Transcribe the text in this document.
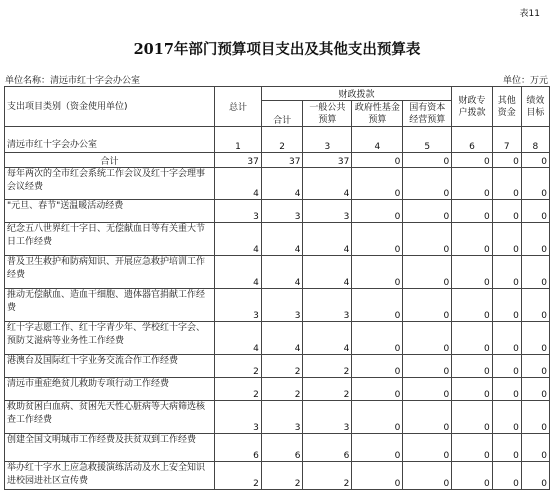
表11
2017年部门预算项目支出及其他支出预算表
单位名称：清远市红十字会办公室	单位：万元
支出项目类别（资金使用单位)	总计	财政拨款				财政专户拨款	其他资金	绩效目标
		合计	一般公共预算	政府性基金预算	国有资本经营预算			

清远市红十字会办公室	1	2	3	4	5	6	7	8
合计	37	37	37	0	0	0	0	0
每年两次的全市红会系统工作会议及红十字会理事会议经费	4	4	4	0	0	0	0	0
"元旦、春节"送温暖活动经费	3	3	3	0	0	0	0	0
纪念五八世界红十字日、无偿献血日等有关重大节日工作经费	4	4	4	0	0	0	0	0
普及卫生救护和防病知识、开展应急救护培训工作经费	4	4	4	0	0	0	0	0
推动无偿献血、造血干细胞、遗体器官捐献工作经费	3	3	3	0	0	0	0	0
红十字志愿工作、红十字青少年、学校红十字会、预防艾滋病等业务性工作经费	4	4	4	0	0	0	0	0
港澳台及国际红十字业务交流合作工作经费	2	2	2	0	0	0	0	0
清远市重症绝贫儿救助专项行动工作经费	2	2	2	0	0	0	0	0
救助贫困白血病、贫困先天性心脏病等大病筛选核查工作经费	3	3	3	0	0	0	0	0
创建全国文明城市工作经费及扶贫双到工作经费	6	6	6	0	0	0	0	0
举办红十字水上应急救援演练活动及水上安全知识进校园进社区宣传费	2	2	2	0	0	0	0	0
